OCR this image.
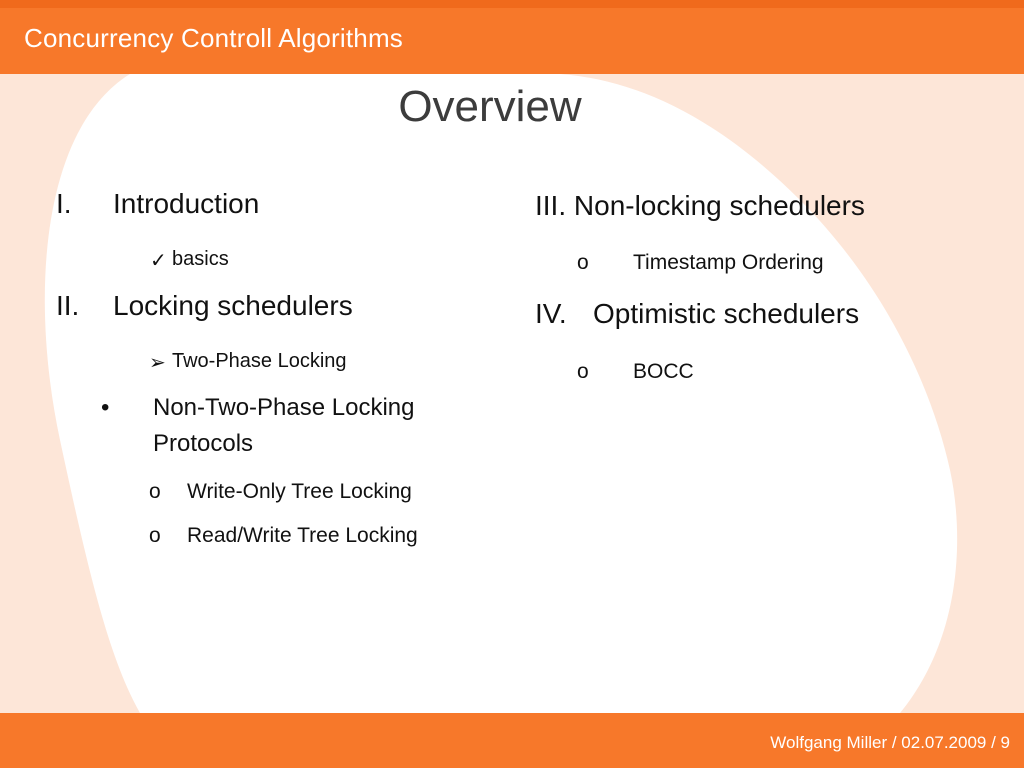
Concurrency Controll Algorithms
Overview
I. Introduction
✓ basics
II. Locking schedulers
➢ Two-Phase Locking
• Non-Two-Phase Locking
Protocols
o Write-Only Tree Locking
o Read/Write Tree Locking
III. Non-locking schedulers
o Timestamp Ordering
IV. Optimistic schedulers
o BOCC
Wolfgang Miller / 02.07.2009 / 9
